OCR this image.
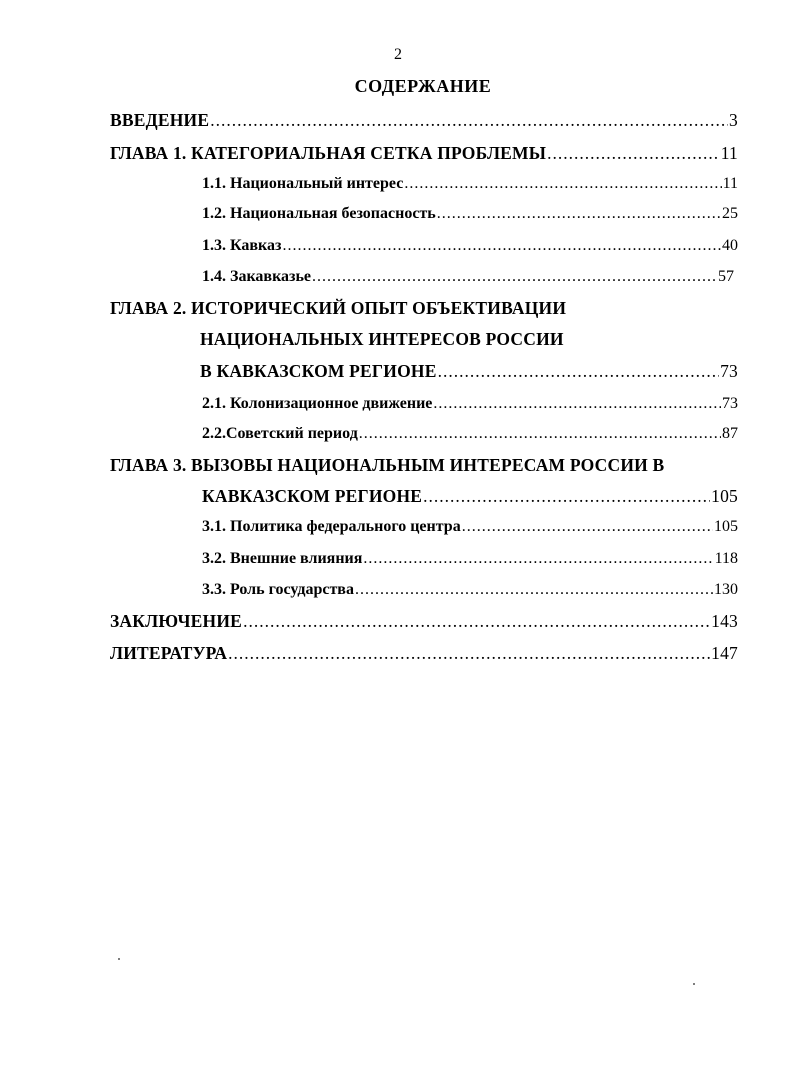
2
СОДЕРЖАНИЕ
ВВЕДЕНИЕ .....	3
ГЛАВА 1. КАТЕГОРИАЛЬНАЯ СЕТКА ПРОБЛЕМЫ .....	11
1.1. Национальный интерес .....	11
1.2. Национальная безопасность .....	25
1.3. Кавказ .....	40
1.4. Закавказье .....	57
ГЛАВА 2. ИСТОРИЧЕСКИЙ ОПЫТ ОБЪЕКТИВАЦИИ
НАЦИОНАЛЬНЫХ ИНТЕРЕСОВ РОССИИ
В КАВКАЗСКОМ РЕГИОНЕ .....	73
2.1. Колонизационное движение .....	73
2.2.Советский период .....	87
ГЛАВА 3. ВЫЗОВЫ НАЦИОНАЛЬНЫМ ИНТЕРЕСАМ РОССИИ В
КАВКАЗСКОМ РЕГИОНЕ .....	105
3.1. Политика федерального центра .....	105
3.2. Внешние влияния .....	118
3.3. Роль государства .....	130
ЗАКЛЮЧЕНИЕ .....	143
ЛИТЕРАТУРА .....	147
